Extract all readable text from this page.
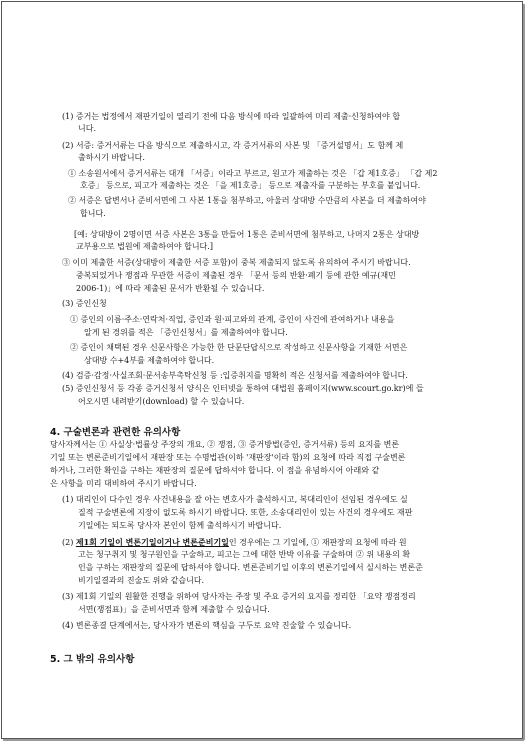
(1) 증거는 법정에서 재판기일이 열리기 전에 다음 방식에 따라 일괄하여 미리 제출·신청하여야 합
니다.
(2) 서증: 증거서류는 다음 방식으로 제출하시고, 각 증거서류의 사본 및 「증거설명서」도 함께 제
출하시기 바랍니다.
① 소송원서에서 증거서류는 대개 「서증」이라고 부르고, 원고가 제출하는 것은 「갑 제1호증」 「갑 제2
호증」 등으로, 피고가 제출하는 것은 「을 제1호증」 등으로 제출자를 구분하는 부호를 붙입니다.
② 서증은 답변서나 준비서면에 그 사본 1통을 첨부하고, 아울러 상대방 수만큼의 사본을 더 제출하여야
합니다.
[예: 상대방이 2명이면 서증 사본은 3통을 만들어 1통은 준비서면에 첨부하고, 나머지 2통은 상대방
교부용으로 법원에 제출하여야 합니다.]
③ 이미 제출한 서증(상대방이 제출한 서증 포함)이 중복 제출되지 않도록 유의하여 주시기 바랍니다.
중복되었거나 쟁점과 무관한 서증이 제출된 경우 「문서 등의 반환·폐기 등에 관한 예규(재민
2006-1)」에 따라 제출된 문서가 반환될 수 있습니다.
(3) 증인신청
① 증인의 이름·주소·연락처·직업, 증인과 원·피고와의 관계, 증인이 사건에 관여하거나 내용을
알게 된 경위를 적은 「증인신청서」를 제출하여야 합니다.
② 증인이 채택된 경우 신문사항은 가능한 한 단문단답식으로 작성하고 신문사항을 기재한 서면은
상대방 수+4부를 제출하여야 합니다.
(4) 검증·감정·사실조회·문서송부촉탁신청 등 :입증취지를 명확히 적은 신청서를 제출하여야 합니다.
(5) 증인신청서 등 각종 증거신청서 양식은 인터넷을 통하여 대법원 홈페이지(www.scourt.go.kr)에 들
어오시면 내려받기(download) 할 수 있습니다.
4. 구술변론과 관련한 유의사항
당사자께서는 ① 사실상·법률상 주장의 개요, ② 쟁점, ③ 증거방법(증인, 증거서류) 등의 요지를 변론
기일 또는 변론준비기일에서 재판장 또는 수명법관(이하 '재판장'이라 함)의 요청에 따라 직접 구술변론
하거나, 그러한 확인을 구하는 재판장의 질문에 답하셔야 합니다. 이 점을 유념하시어 아래와 같
은 사항을 미리 대비하여 주시기 바랍니다.
(1) 대리인이 다수인 경우 사건내용을 잘 아는 변호사가 출석하시고, 복대리인이 선임된 경우에도 실
질적 구술변론에 지장이 없도록 하시기 바랍니다. 또한, 소송대리인이 있는 사건의 경우에도 재판
기일에는 되도록 당사자 본인이 함께 출석하시기 바랍니다.
(2) 제1회 기일이 변론기일이거나 변론준비기일인 경우에는 그 기일에, ① 재판장의 요청에 따라 원
고는 청구취지 및 청구원인을 구술하고, 피고는 그에 대한 반박 이유를 구술하며 ② 위 내용의 확
인을 구하는 재판장의 질문에 답하셔야 합니다. 변론준비기일 이후의 변론기일에서 실시하는 변론준
비기일결과의 진술도 위와 같습니다.
(3) 제1회 기일의 원활한 진행을 위하여 당사자는 주장 및 주요 증거의 요지를 정리한 「요약 쟁점정리
서면(쟁점표)」을 준비서면과 함께 제출할 수 있습니다.
(4) 변론종결 단계에서는, 당사자가 변론의 핵심을 구두로 요약 진술할 수 있습니다.
5. 그 밖의 유의사항
